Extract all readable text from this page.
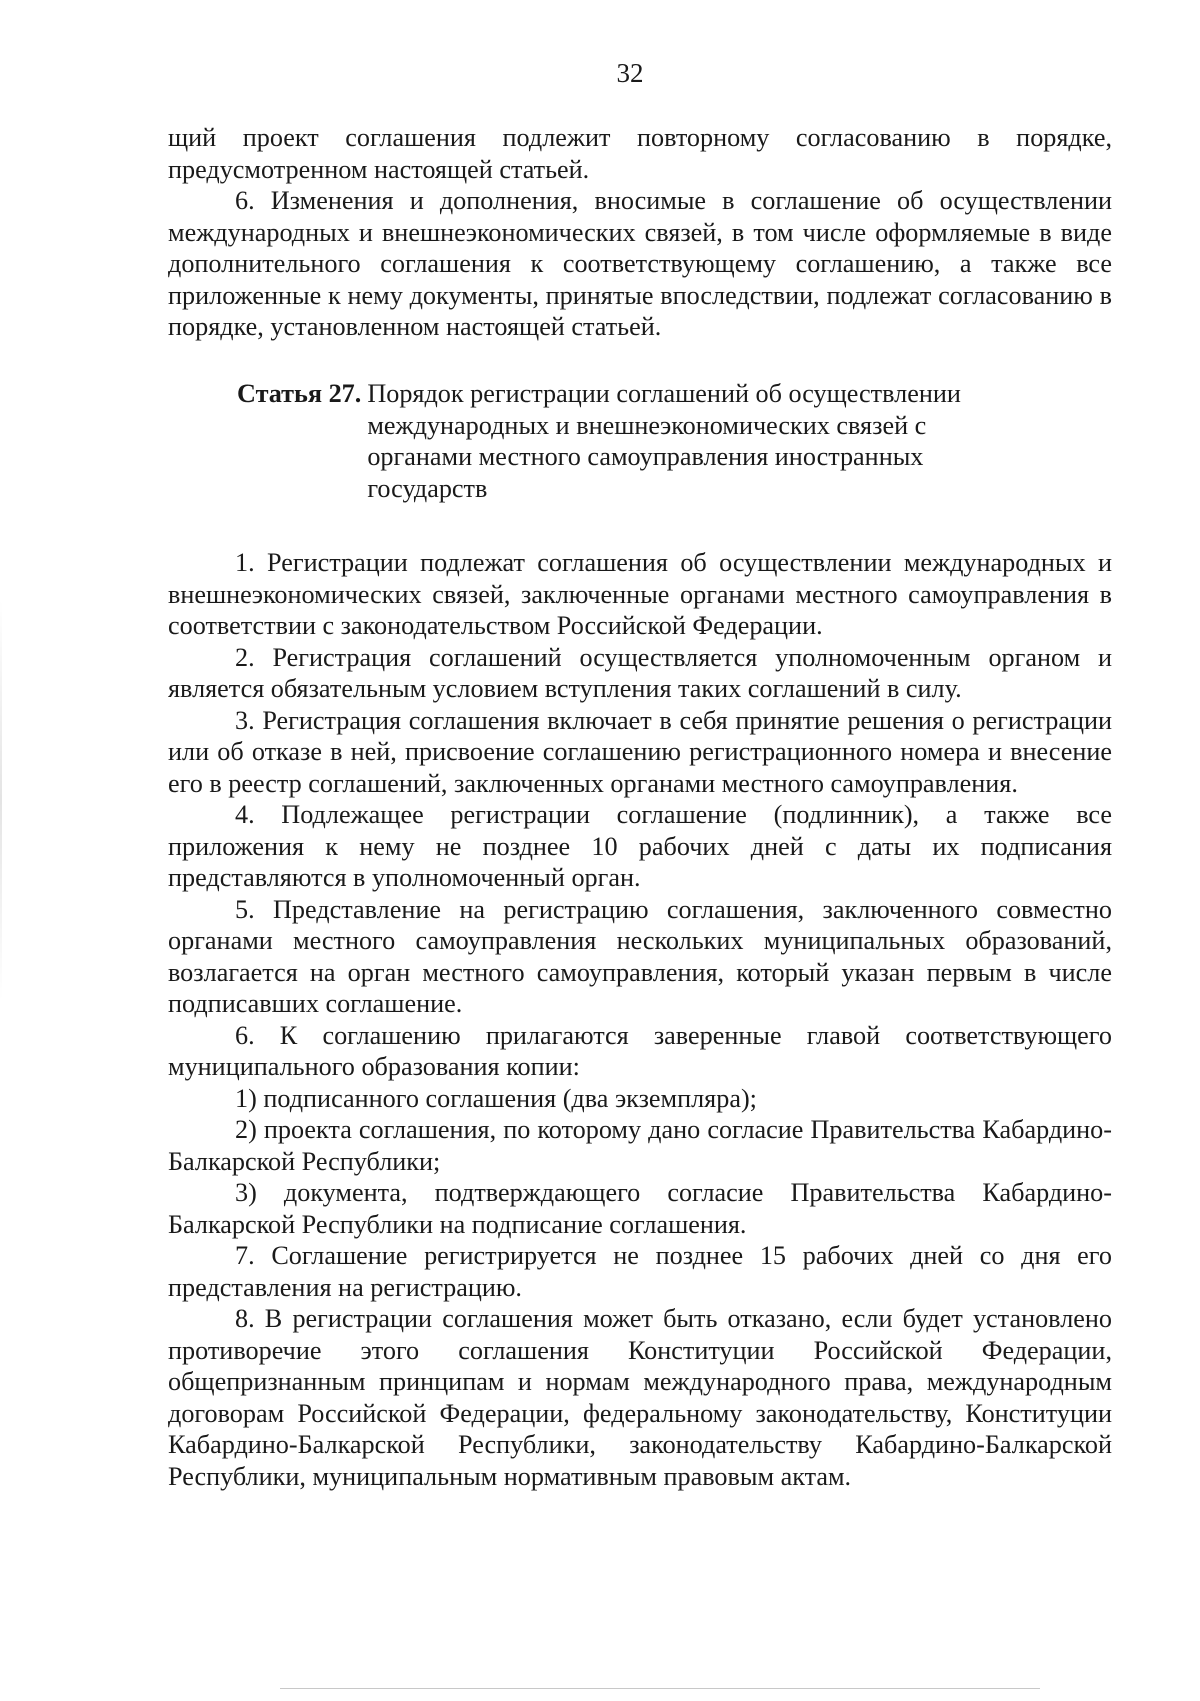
32

щий проект соглашения подлежит повторному согласованию в порядке, предусмотренном настоящей статьей.

6. Изменения и дополнения, вносимые в соглашение об осуществлении международных и внешнеэкономических связей, в том числе оформляемые в виде дополнительного соглашения к соответствующему соглашению, а также все приложенные к нему документы, принятые впоследствии, подлежат согласованию в порядке, установленном настоящей статьей.

Статья 27. Порядок регистрации соглашений об осуществлении международных и внешнеэкономических связей с органами местного самоуправления иностранных государств

1. Регистрации подлежат соглашения об осуществлении международных и внешнеэкономических связей, заключенные органами местного самоуправления в соответствии с законодательством Российской Федерации.

2. Регистрация соглашений осуществляется уполномоченным органом и является обязательным условием вступления таких соглашений в силу.

3. Регистрация соглашения включает в себя принятие решения о регистрации или об отказе в ней, присвоение соглашению регистрационного номера и внесение его в реестр соглашений, заключенных органами местного самоуправления.

4. Подлежащее регистрации соглашение (подлинник), а также все приложения к нему не позднее 10 рабочих дней с даты их подписания представляются в уполномоченный орган.

5. Представление на регистрацию соглашения, заключенного совместно органами местного самоуправления нескольких муниципальных образований, возлагается на орган местного самоуправления, который указан первым в числе подписавших соглашение.

6. К соглашению прилагаются заверенные главой соответствующего муниципального образования копии:

1) подписанного соглашения (два экземпляра);

2) проекта соглашения, по которому дано согласие Правительства Кабардино-Балкарской Республики;

3) документа, подтверждающего согласие Правительства Кабардино-Балкарской Республики на подписание соглашения.

7. Соглашение регистрируется не позднее 15 рабочих дней со дня его представления на регистрацию.

8. В регистрации соглашения может быть отказано, если будет установлено противоречие этого соглашения Конституции Российской Федерации, общепризнанным принципам и нормам международного права, международным договорам Российской Федерации, федеральному законодательству, Конституции Кабардино-Балкарской Республики, законодательству Кабардино-Балкарской Республики, муниципальным нормативным правовым актам.
